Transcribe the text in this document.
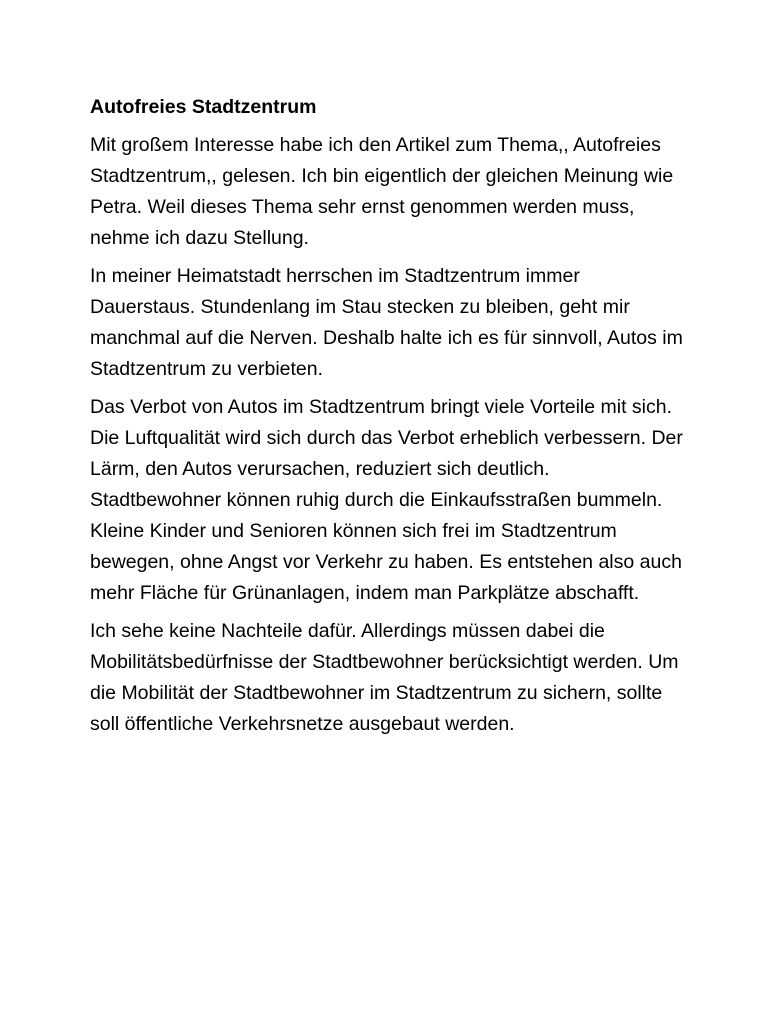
Autofreies Stadtzentrum

Mit großem Interesse habe ich den Artikel zum Thema,, Autofreies Stadtzentrum,, gelesen. Ich bin eigentlich der gleichen Meinung wie Petra. Weil dieses Thema sehr ernst genommen werden muss, nehme ich dazu Stellung.

In meiner Heimatstadt herrschen im Stadtzentrum immer Dauerstaus. Stundenlang im Stau stecken zu bleiben, geht mir manchmal auf die Nerven. Deshalb halte ich es für sinnvoll, Autos im Stadtzentrum zu verbieten.

Das Verbot von Autos im Stadtzentrum bringt viele Vorteile mit sich. Die Luftqualität wird sich durch das Verbot erheblich verbessern. Der Lärm, den Autos verursachen, reduziert sich deutlich. Stadtbewohner können ruhig durch die Einkaufsstraßen bummeln. Kleine Kinder und Senioren können sich frei im Stadtzentrum bewegen, ohne Angst vor Verkehr zu haben. Es entstehen also auch mehr Fläche für Grünanlagen, indem man Parkplätze abschafft.

Ich sehe keine Nachteile dafür. Allerdings müssen dabei die Mobilitätsbedürfnisse der Stadtbewohner berücksichtigt werden. Um die Mobilität der Stadtbewohner im Stadtzentrum zu sichern, sollte soll öffentliche Verkehrsnetze ausgebaut werden.
